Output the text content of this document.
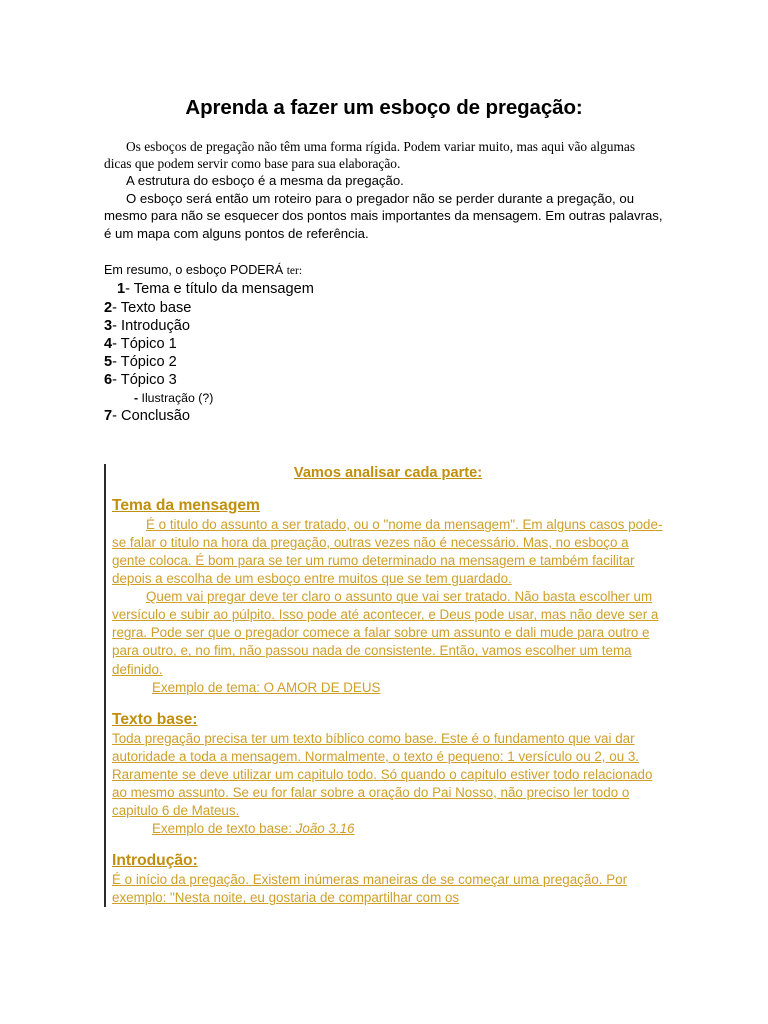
Aprenda a fazer um esboço de pregação:

Os esboços de pregação não têm uma forma rígida. Podem variar muito, mas aqui vão algumas dicas que podem servir como base para sua elaboração.

A estrutura do esboço é a mesma da pregação.

O esboço será então um roteiro para o pregador não se perder durante a pregação, ou mesmo para não se esquecer dos pontos mais importantes da mensagem. Em outras palavras, é um mapa com alguns pontos de referência.

Em resumo, o esboço PODERÁ ter:
1- Tema e título da mensagem
2- Texto base
3- Introdução
4- Tópico 1
5- Tópico 2
6- Tópico 3
- Ilustração (?)
7- Conclusão
Vamos analisar cada parte:
Tema da mensagem

É o titulo do assunto a ser tratado, ou o "nome da mensagem". Em alguns casos pode-se falar o titulo na hora da pregação, outras vezes não é necessário. Mas, no esboço a gente coloca. É bom para se ter um rumo determinado na mensagem e também facilitar depois a escolha de um esboço entre muitos que se tem guardado.

Quem vai pregar deve ter claro o assunto que vai ser tratado. Não basta escolher um versículo e subir ao púlpito. Isso pode até acontecer, e Deus pode usar, mas não deve ser a regra. Pode ser que o pregador comece a falar sobre um assunto e dali mude para outro e para outro, e, no fim, não passou nada de consistente. Então, vamos escolher um tema definido.

Exemplo de tema: O AMOR DE DEUS

Texto base:

Toda pregação precisa ter um texto bíblico como base. Este é o fundamento que vai dar autoridade a toda a mensagem. Normalmente, o texto é pequeno: 1 versículo ou 2, ou 3. Raramente se deve utilizar um capitulo todo. Só quando o capitulo estiver todo relacionado ao mesmo assunto. Se eu for falar sobre a oração do Pai Nosso, não preciso ler todo o capitulo 6 de Mateus.

Exemplo de texto base: João 3.16

Introdução:

É o início da pregação. Existem inúmeras maneiras de se começar uma pregação. Por exemplo: "Nesta noite, eu gostaria de compartilhar com os
